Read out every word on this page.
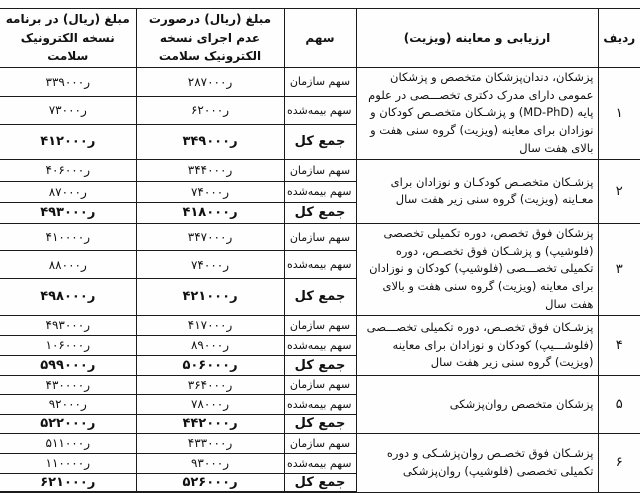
ردیف	ارزیابی و معاینه (ویزیت)	سهم	مبلغ (ریال) درصورت عدم اجرای نسخه الکترونیک سلامت	مبلغ (ریال) در برنامه نسخه الکترونیک سلامت
۱	پزشکان، دندان‌پزشکان متخصص و پزشکان عمومی دارای مدرک دکتری تخصـــصی در علوم پایه (MD-PhD) و پزشـکان متخصـص کودکان و نوزادان برای معاینه (ویزیت) گروه سنی هفت و بالای هفت سال	سهم سازمان	۲۸۷ر۰۰۰	۳۳۹ر۰۰۰
		سهم بیمه‌شده	۶۲ر۰۰۰	۷۳ر۰۰۰
		جمع کل	۳۴۹ر۰۰۰	۴۱۲ر۰۰۰
۲	پزشـکان متخصـص کودکـان و نوزادان برای معـاینه (ویزیت) گروه سنی زیر هفت سال	سهم سازمان	۳۴۴ر۰۰۰	۴۰۶ر۰۰۰
		سهم بیمه‌شده	۷۴ر۰۰۰	۸۷ر۰۰۰
		جمع کل	۴۱۸ر۰۰۰	۴۹۳ر۰۰۰
۳	پزشکان فوق تخصص، دوره تکمیلی تخصصی (فلوشیپ) و پزشـکان فوق تخصـص، دوره تکمیلی تخصـــصی (فلوشیپ) کودکان و نوزادان برای معاینه (ویزیت) گروه سنی هفت و بالای هفت سال	سهم سازمان	۳۴۷ر۰۰۰	۴۱۰ر۰۰۰
		سهم بیمه‌شده	۷۴ر۰۰۰	۸۸ر۰۰۰
		جمع کل	۴۲۱ر۰۰۰	۴۹۸ر۰۰۰
۴	پزشـکان فوق تخصـص، دوره تکمیلی تخصـــصی (فلوشـــیپ) کودکان و نوزادان برای معاینه (ویزیت) گروه سنی زیر هفت سال	سهم سازمان	۴۱۷ر۰۰۰	۴۹۳ر۰۰۰
		سهم بیمه‌شده	۸۹ر۰۰۰	۱۰۶ر۰۰۰
		جمع کل	۵۰۶ر۰۰۰	۵۹۹ر۰۰۰
۵	پزشکان متخصص روان‌پزشکی	سهم سازمان	۳۶۴ر۰۰۰	۴۳۰ر۰۰۰
		سهم بیمه‌شده	۷۸ر۰۰۰	۹۲ر۰۰۰
		جمع کل	۴۴۲ر۰۰۰	۵۲۲ر۰۰۰
۶	پزشـکان فوق تخصـص روان‌پزشـکی و دوره تکمیلی تخصصی (فلوشیپ) روان‌پزشکی	سهم سازمان	۴۳۳ر۰۰۰	۵۱۱ر۰۰۰
		سهم بیمه‌شده	۹۳ر۰۰۰	۱۱۰ر۰۰۰
		جمع کل	۵۲۶ر۰۰۰	۶۲۱ر۰۰۰
